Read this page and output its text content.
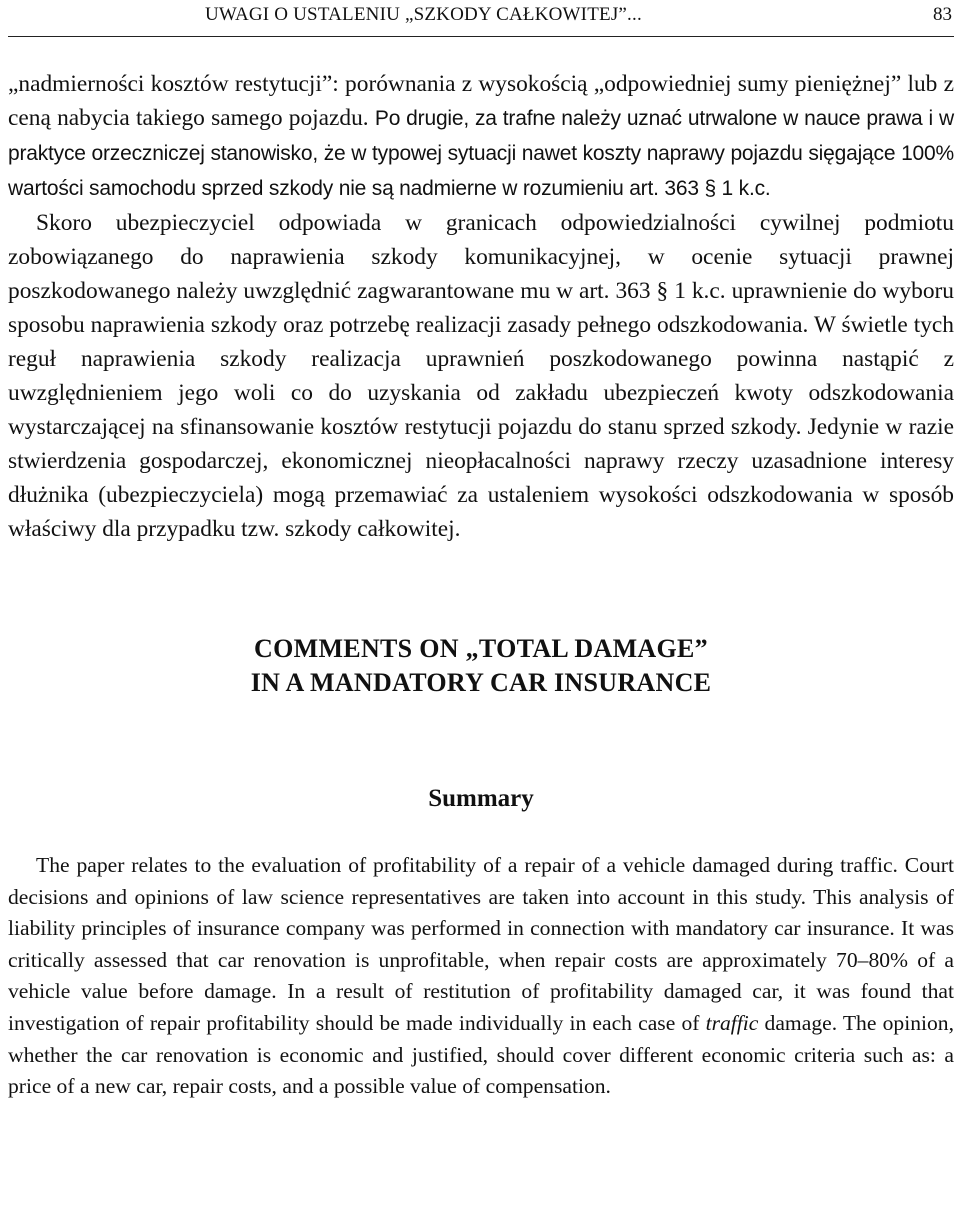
UWAGI O USTALENIU „SZKODY CAŁKOWITEJ”...	83

„nadmierności kosztów restytucji”: porównania z wysokością „odpowiedniej sumy pieniężnej” lub z ceną nabycia takiego samego pojazdu. Po drugie, za trafne należy uznać utrwalone w nauce prawa i w praktyce orzeczniczej stanowisko, że w typowej sytuacji nawet koszty naprawy pojazdu sięgające 100% wartości samochodu sprzed szkody nie są nadmierne w rozumieniu art. 363 § 1 k.c.

Skoro ubezpieczyciel odpowiada w granicach odpowiedzialności cywilnej podmiotu zobowiązanego do naprawienia szkody komunikacyjnej, w ocenie sytuacji prawnej poszkodowanego należy uwzględnić zagwarantowane mu w art. 363 § 1 k.c. uprawnienie do wyboru sposobu naprawienia szkody oraz potrzebę realizacji zasady pełnego odszkodowania. W świetle tych reguł naprawienia szkody realizacja uprawnień poszkodowanego powinna nastąpić z uwzględnieniem jego woli co do uzyskania od zakładu ubezpieczeń kwoty odszkodowania wystarczającej na sfinansowanie kosztów restytucji pojazdu do stanu sprzed szkody. Jedynie w razie stwierdzenia gospodarczej, ekonomicznej nieopłacalności naprawy rzeczy uzasadnione interesy dłużnika (ubezpieczyciela) mogą przemawiać za ustaleniem wysokości odszkodowania w sposób właściwy dla przypadku tzw. szkody całkowitej.

COMMENTS ON „TOTAL DAMAGE”
IN A MANDATORY CAR INSURANCE
Summary

The paper relates to the evaluation of profitability of a repair of a vehicle damaged during traffic. Court decisions and opinions of law science representatives are taken into account in this study. This analysis of liability principles of insurance company was performed in connection with mandatory car insurance. It was critically assessed that car renovation is unprofitable, when repair costs are approximately 70–80% of a vehicle value before damage. In a result of restitution of profitability damaged car, it was found that investigation of repair profitability should be made individually in each case of traffic damage. The opinion, whether the car renovation is economic and justified, should cover different economic criteria such as: a price of a new car, repair costs, and a possible value of compensation.
